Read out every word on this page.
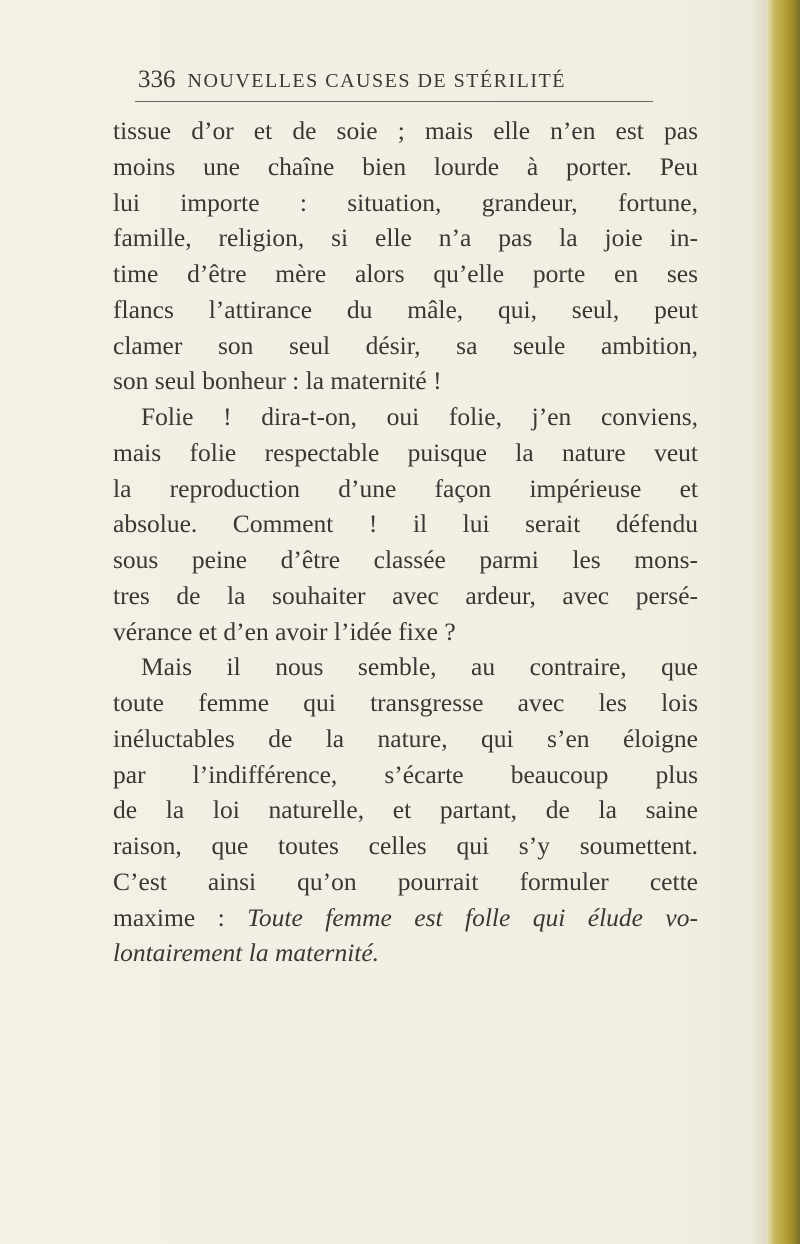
336 NOUVELLES CAUSES DE STÉRILITÉ
tissue d’or et de soie ; mais elle n’en est pas
moins une chaîne bien lourde à porter. Peu
lui importe : situation, grandeur, fortune,
famille, religion, si elle n’a pas la joie in-
time d’être mère alors qu’elle porte en ses
flancs l’attirance du mâle, qui, seul, peut
clamer son seul désir, sa seule ambition,
son seul bonheur : la maternité !
Folie ! dira-t-on, oui folie, j’en conviens,
mais folie respectable puisque la nature veut
la reproduction d’une façon impérieuse et
absolue. Comment ! il lui serait défendu
sous peine d’être classée parmi les mons-
tres de la souhaiter avec ardeur, avec persé-
vérance et d’en avoir l’idée fixe ?
Mais il nous semble, au contraire, que
toute femme qui transgresse avec les lois
inéluctables de la nature, qui s’en éloigne
par l’indifférence, s’écarte beaucoup plus
de la loi naturelle, et partant, de la saine
raison, que toutes celles qui s’y soumettent.
C’est ainsi qu’on pourrait formuler cette
maxime : Toute femme est folle qui élude vo-
lontairement la maternité.
